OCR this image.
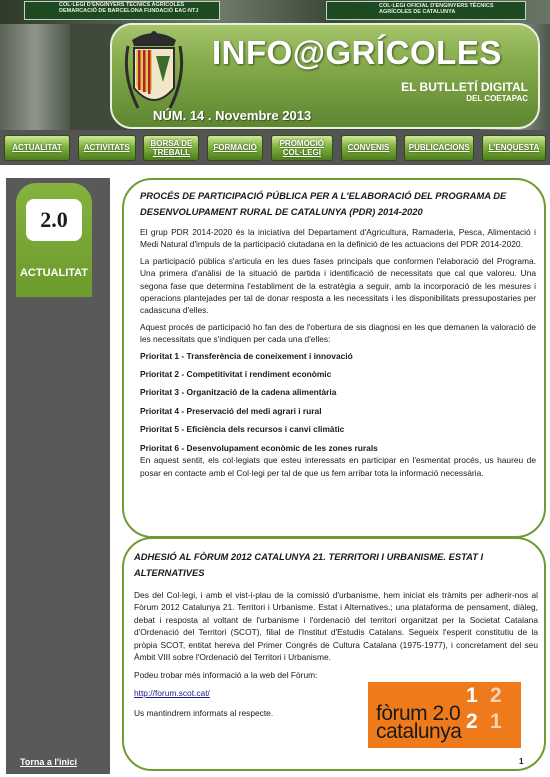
COL·LEGI D'ENGINYERS TÈCNICS AGRÍCOLES DEMARCACIÓ DE BARCELONA FUNDACIÓ EAC-NTJ
COL·LEGI OFICIAL D'ENGINYERS TÈCNICS AGRÍCOLES DE CATALUNYA
INFO@GRÍCOLES
EL BUTLLETÍ DIGITAL
DEL COETAPAC
NÚM. 14 . Novembre 2013
ACTUALITAT	ACTIVITATS	BORSA DE TREBALL	FORMACIÓ	PROMOCIÓ COL·LEGI	CONVENIS PUBLICACIONS L'ENQUESTA
2.0
ACTUALITAT
Torna a l'inici
PROCÉS DE PARTICIPACIÓ PÚBLICA PER A L'ELABORACIÓ DEL PROGRAMA DE DESENVOLUPAMENT RURAL DE CATALUNYA (PDR) 2014-2020

El grup PDR 2014-2020 és la iniciativa del Departament d'Agricultura, Ramaderia, Pesca, Alimentació i Medi Natural d'impuls de la participació ciutadana en la definició de les actuacions del PDR 2014-2020.

La participació pública s'articula en les dues fases principals que conformen l'elaboració del Programa. Una primera d'anàlisi de la situació de partida i identificació de necessitats que cal que valoreu. Una segona fase que determina l'establiment de la estratègia a seguir, amb la incorporació de les mesures i operacions plantejades per tal de donar resposta a les necessitats i les disponibilitats pressupostaries per cadascuna d'elles.

Aquest procés de participació ho fan des de l'obertura de sis diagnosi en les que demanen la valoració de les necessitats que s'indiquen per cada una d'elles:

Prioritat 1 - Transferència de coneixement i innovació
Prioritat 2 - Competitivitat i rendiment econòmic
Prioritat 3 - Organització de la cadena alimentària
Prioritat 4 - Preservació del medi agrari i rural
Prioritat 5 - Eficiència dels recursos i canvi climàtic
Prioritat 6 - Desenvolupament econòmic de les zones rurals

En aquest sentit, els col·legiats que esteu interessats en participar en l'esmentat procés, us haureu de posar en contacte amb el Col·legi per tal de que us fem arribar tota la informació necessària.

ADHESIÓ AL FÒRUM 2012 CATALUNYA 21. TERRITORI I URBANISME. ESTAT I ALTERNATIVES

Des del Col·legi, i amb el vist-i-plau de la comissió d'urbanisme, hem iniciat els tràmits per adherir-nos al Fòrum 2012 Catalunya 21. Territori i Urbanisme. Estat i Alternatives.; una plataforma de pensament, diàleg, debat i resposta al voltant de l'urbanisme i l'ordenació del territori organitzat per la Societat Catalana d'Ordenació del Territori (SCOT), filial de l'Institut d'Estudis Catalans. Segueix l'esperit constitutiu de la pròpia SCOT, entitat hereva del Primer Congrés de Cultura Catalana (1975-1977), i concretament del seu Àmbit VIII sobre l'Ordenació del Territori i Urbanisme.

Podeu trobar més informació a la web del Fòrum:
http://forum.scot.cat/
Us mantindrem informats al respecte.	fòrum 2.0
catalunya
1 2
2 1
1
